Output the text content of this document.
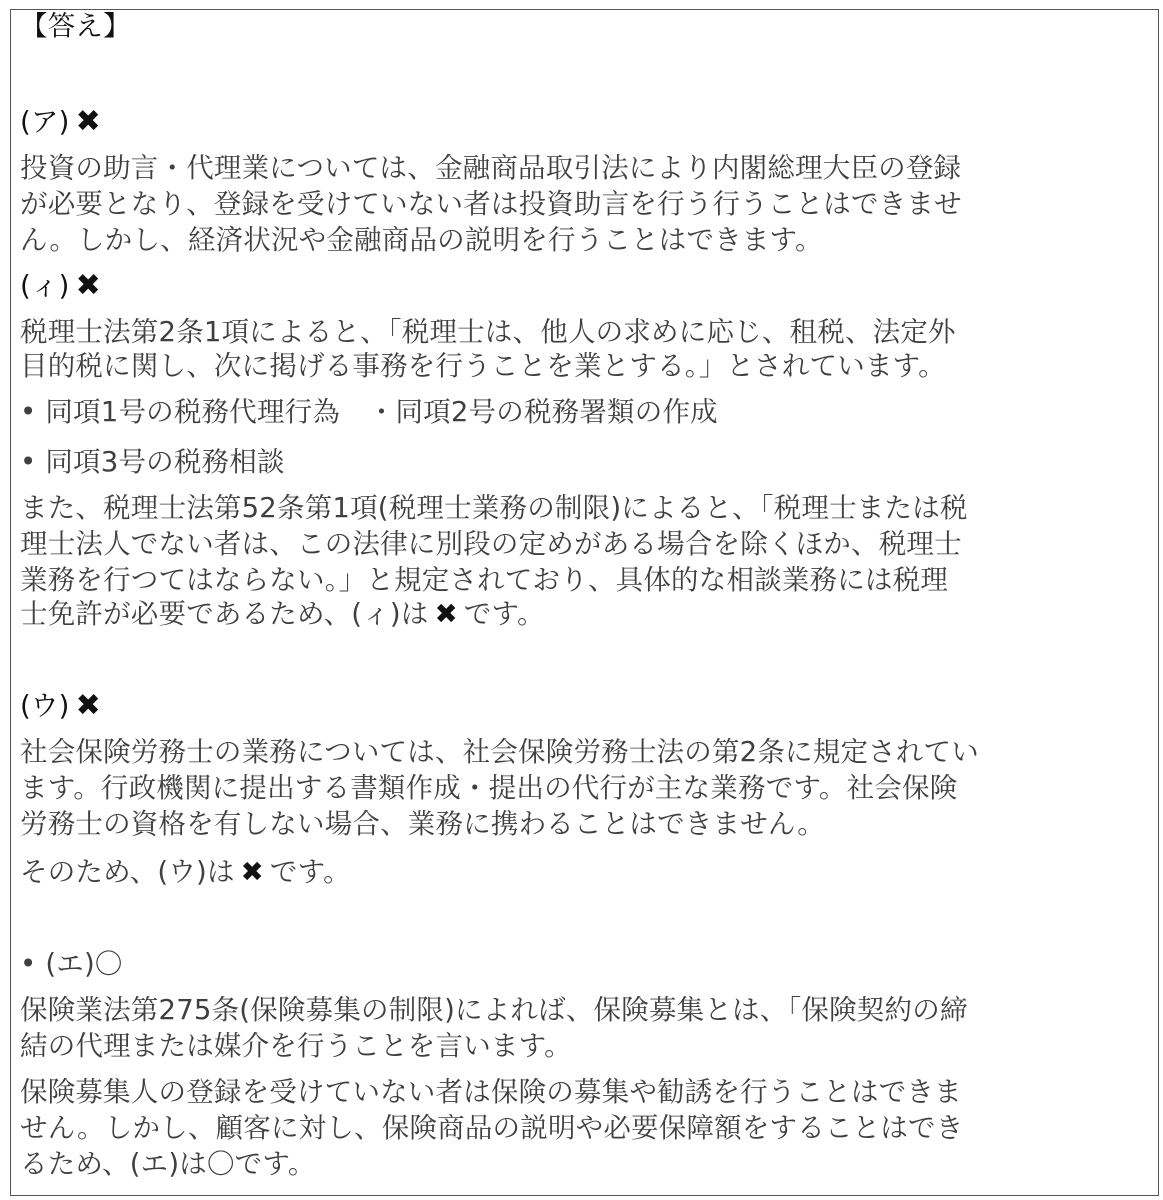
【答え】

(ア) ✖

投資の助言・代理業については、金融商品取引法により内閣総理大臣の登録

が必要となり、登録を受けていない者は投資助言を行う行うことはできませ

ん。しかし、経済状況や金融商品の説明を行うことはできます。

(ィ) ✖

税理士法第2条1項によると、「税理士は、他人の求めに応じ、租税、法定外

目的税に関し、次に掲げる事務を行うことを業とする。」とされています。

• 同項1号の税務代理行為　・同項2号の税務署類の作成

• 同項3号の税務相談

また、税理士法第52条第1項(税理士業務の制限)によると、「税理士または税

理士法人でない者は、この法律に別段の定めがある場合を除くほか、税理士

業務を行つてはならない。」と規定されており、具体的な相談業務には税理

士免許が必要であるため、(ィ)は ✖ です。

(ウ) ✖

社会保険労務士の業務については、社会保険労務士法の第2条に規定されてい

ます。行政機関に提出する書類作成・提出の代行が主な業務です。社会保険

労務士の資格を有しない場合、業務に携わることはできません。

そのため、(ウ)は ✖ です。

• (エ)〇

保険業法第275条(保険募集の制限)によれば、保険募集とは、「保険契約の締

結の代理または媒介を行うことを言います。

保険募集人の登録を受けていない者は保険の募集や勧誘を行うことはできま

せん。しかし、顧客に対し、保険商品の説明や必要保障額をすることはでき

るため、(エ)は〇です。
